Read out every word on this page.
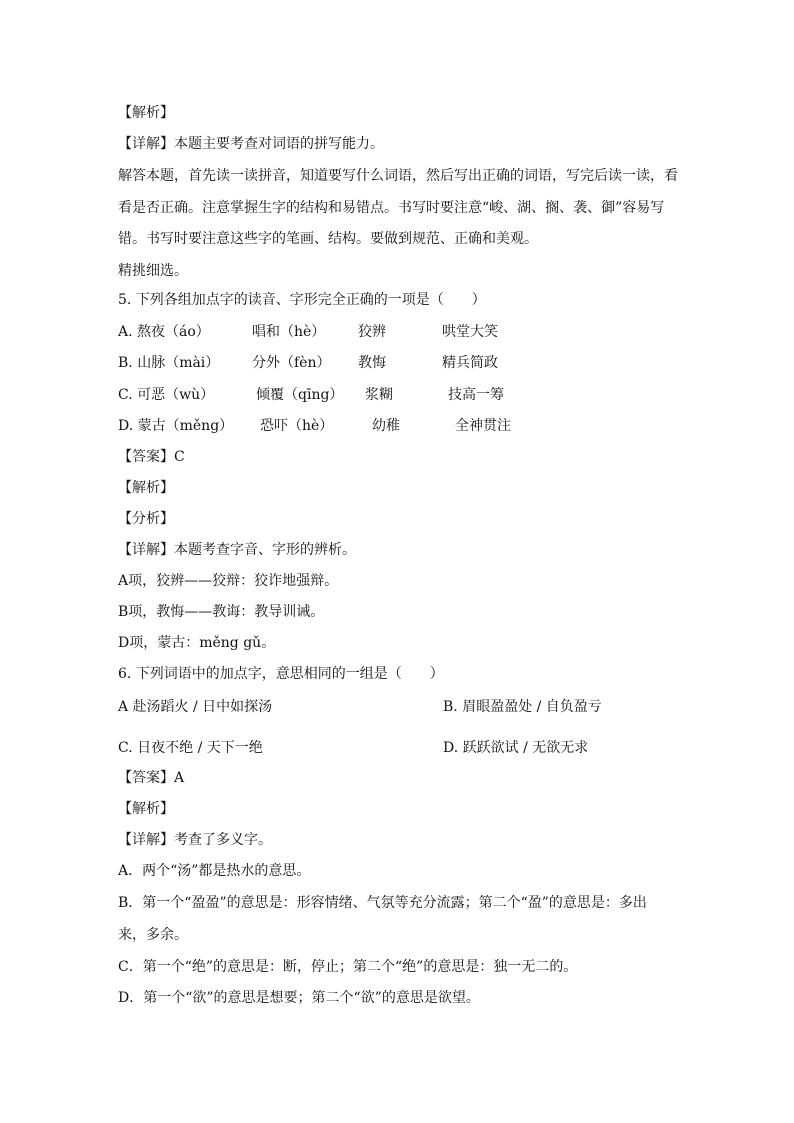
【解析】
【详解】本题主要考查对词语的拼写能力。
解答本题，首先读一读拼音，知道要写什么词语，然后写出正确的词语，写完后读一读，看
看是否正确。注意掌握生字的结构和易错点。书写时要注意“峻、湖、搁、袭、御”容易写
错。书写时要注意这些字的笔画、结构。要做到规范、正确和美观。
精挑细选。
5. 下列各组加点字的读音、字形完全正确的一项是（　　）
A. 熬夜（áo）	唱和（hè） 狡辨	哄堂大笑
B. 山脉（mài） 分外（fèn） 教悔	精兵简政
C. 可恶（wù）	倾覆（qīng） 浆糊	技高一筹
D. 蒙古（měng） 恐吓（hè）	幼稚	全神贯注
【答案】C
【解析】
【分析】
【详解】本题考查字音、字形的辨析。
A项，狡辨——狡辩：狡诈地强辩。
B项，教悔——教诲：教导训诫。
D项，蒙古：měng gǔ。
6. 下列词语中的加点字，意思相同的一组是（　　）
A 赴汤蹈火 / 日中如探汤	B. 眉眼盈盈处 / 自负盈亏
C. 日夜不绝 / 天下一绝	D. 跃跃欲试 / 无欲无求
【答案】A
【解析】
【详解】考查了多义字。
A．两个“汤”都是热水的意思。
B．第一个“盈盈”的意思是：形容情绪、气氛等充分流露；第二个“盈”的意思是：多出
来，多余。
C．第一个“绝”的意思是：断，停止；第二个“绝”的意思是：独一无二的。
D．第一个“欲”的意思是想要；第二个“欲”的意思是欲望。
